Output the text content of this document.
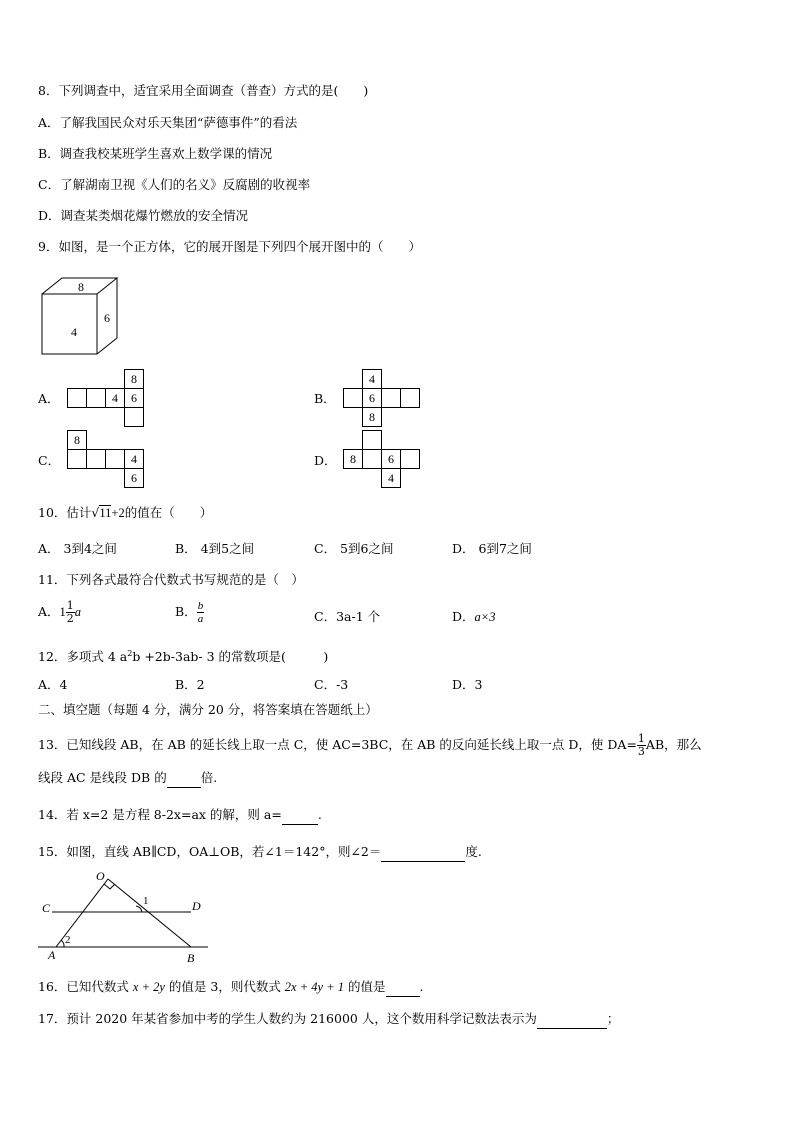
8．下列调查中，适宜采用全面调查（普查）方式的是(　　)
A．了解我国民众对乐天集团“萨德事件”的看法
B．调查我校某班学生喜欢上数学课的情况
C．了解湖南卫视《人们的名义》反腐剧的收视率
D．调查某类烟花爆竹燃放的安全情况
9．如图，是一个正方体，它的展开图是下列四个展开图中的（　　）
8
4
6
A．
			8
		4	6
				B．
	4		
	6		
	8		
C．
8			
			4
			6
D．
			8		6	
		4	
10．估计√11+2的值在（　　）
A． 3到4之间	B． 4到5之间	C． 5到6之间	D． 6到7之间
11．下列各式最符合代数式书写规范的是（　）
A．$1 \frac{1}{2}$ a	B． $\frac{b}{a}$	C．3a-1 个	D．a×3
12．多项式 4 $a^2b +2b-3ab-$ 3 的常数项是(　　　)
A．4	B．2	C．-3	D．3
二、填空题（每题 4 分，满分 20 分，将答案填在答题纸上）
13．已知线段 AB，在 AB 的延长线上取一点 C，使 AC=3BC，在 AB 的反向延长线上取一点 D，使 $DA= \frac{1}{3}$ AB，那么
线段 AC 是线段 DB 的	倍.
14．若 x=2 是方程 8-2x=ax 的解，则 a=	.
15．如图，直线 AB∥CD，OA⊥OB，若∠1＝142°，则∠2＝	度.
O
C	D
A	B
1
2
16．已知代数式 x + 2y 的值是 3，则代数式 2x + 4y + 1 的值是	.
17．预计 2020 年某省参加中考的学生人数约为 216000 人，这个数用科学记数法表示为	；
